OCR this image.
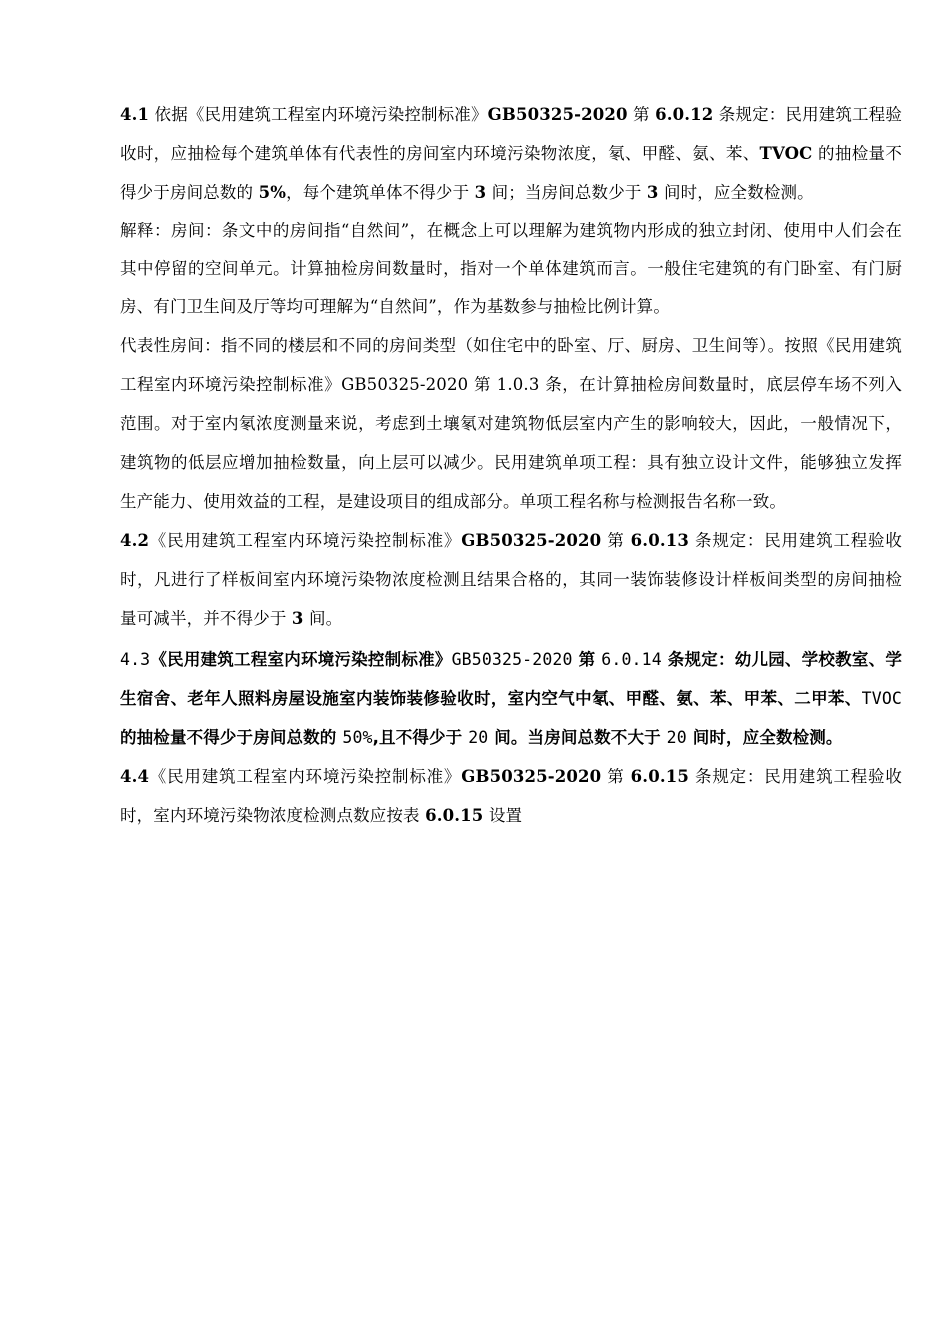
4.1 依据《民用建筑工程室内环境污染控制标准》GB50325-2020 第 6.0.12 条规定：民用建筑工程验收时，应抽检每个建筑单体有代表性的房间室内环境污染物浓度，氡、甲醛、氨、苯、TVOC 的抽检量不得少于房间总数的 5%，每个建筑单体不得少于 3 间；当房间总数少于 3 间时，应全数检测。

解释：房间：条文中的房间指“自然间”，在概念上可以理解为建筑物内形成的独立封闭、使用中人们会在其中停留的空间单元。计算抽检房间数量时，指对一个单体建筑而言。一般住宅建筑的有门卧室、有门厨房、有门卫生间及厅等均可理解为“自然间”，作为基数参与抽检比例计算。

代表性房间：指不同的楼层和不同的房间类型（如住宅中的卧室、厅、厨房、卫生间等）。按照《民用建筑工程室内环境污染控制标准》GB50325-2020 第 1.0.3 条，在计算抽检房间数量时，底层停车场不列入范围。对于室内氡浓度测量来说，考虑到土壤氡对建筑物低层室内产生的影响较大，因此，一般情况下，建筑物的低层应增加抽检数量，向上层可以减少。民用建筑单项工程：具有独立设计文件，能够独立发挥生产能力、使用效益的工程，是建设项目的组成部分。单项工程名称与检测报告名称一致。

4.2《民用建筑工程室内环境污染控制标准》GB50325-2020 第 6.0.13 条规定：民用建筑工程验收时，凡进行了样板间室内环境污染物浓度检测且结果合格的，其同一装饰装修设计样板间类型的房间抽检量可减半，并不得少于 3 间。

4.3《民用建筑工程室内环境污染控制标准》GB50325-2020 第 6.0.14 条规定：幼儿园、学校教室、学生宿舍、老年人照料房屋设施室内装饰装修验收时，室内空气中氡、甲醛、氨、苯、甲苯、二甲苯、TVOC 的抽检量不得少于房间总数的 50%,且不得少于 20 间。当房间总数不大于 20 间时，应全数检测。

4.4《民用建筑工程室内环境污染控制标准》GB50325-2020 第 6.0.15 条规定：民用建筑工程验收时，室内环境污染物浓度检测点数应按表 6.0.15 设置
